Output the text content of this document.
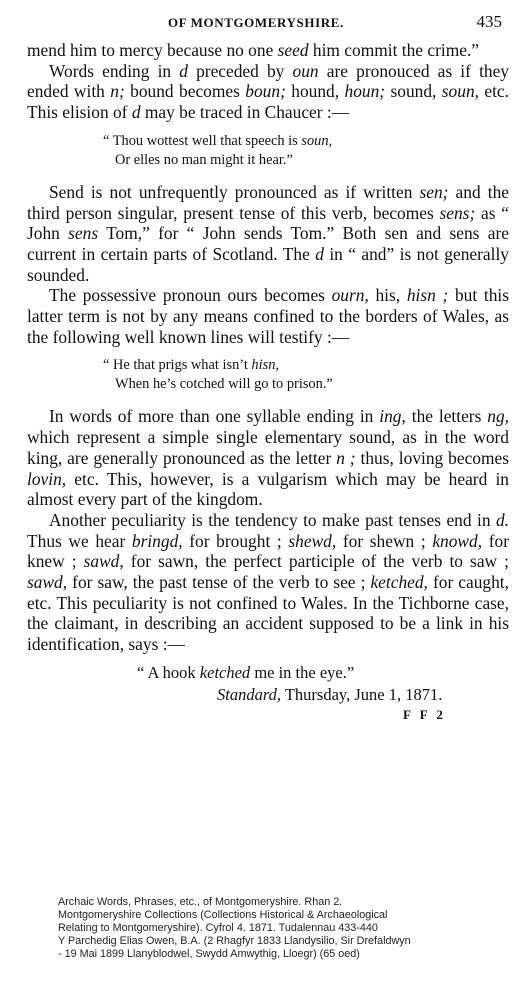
OF MONTGOMERYSHIRE.	435

mend him to mercy because no one seed him commit the crime.”

Words ending in d preceded by oun are pronouced as if they ended with n; bound becomes boun; hound, houn; sound, soun, etc. This elision of d may be traced in Chaucer :—

“ Thou wottest well that speech is soun,
Or elles no man might it hear.”

Send is not unfrequently pronounced as if written sen; and the third person singular, present tense of this verb, becomes sens; as “ John sens Tom,” for “ John sends Tom.” Both sen and sens are current in certain parts of Scotland. The d in “ and” is not generally sounded.

The possessive pronoun ours becomes ourn, his, hisn ; but this latter term is not by any means confined to the borders of Wales, as the following well known lines will testify :—

“ He that prigs what isn’t hisn,
When he’s cotched will go to prison.”

In words of more than one syllable ending in ing, the letters ng, which represent a simple single elementary sound, as in the word king, are generally pronounced as the letter n ; thus, loving becomes lovin, etc. This, however, is a vulgarism which may be heard in almost every part of the kingdom.

Another peculiarity is the tendency to make past tenses end in d. Thus we hear bringd, for brought ; shewd, for shewn ; knowd, for knew ; sawd, for sawn, the perfect participle of the verb to saw ; sawd, for saw, the past tense of the verb to see ; ketched, for caught, etc. This peculiarity is not confined to Wales. In the Tichborne case, the claimant, in describing an accident supposed to be a link in his identification, says :—

“ A hook ketched me in the eye.”
Standard, Thursday, June 1, 1871.
F F 2
Archaic Words, Phrases, etc., of Montgomeryshire. Rhan 2.
Montgomeryshire Collections (Collections Historical & Archaeological
Relating to Montgomeryshire). Cyfrol 4. 1871. Tudalennau 433-440
Y Parchedig Elias Owen, B.A. (2 Rhagfyr 1833 Llandysilio, Sir Drefaldwyn
- 19 Mai 1899 Llanyblodwel, Swydd Amwythig, Lloegr) (65 oed)
